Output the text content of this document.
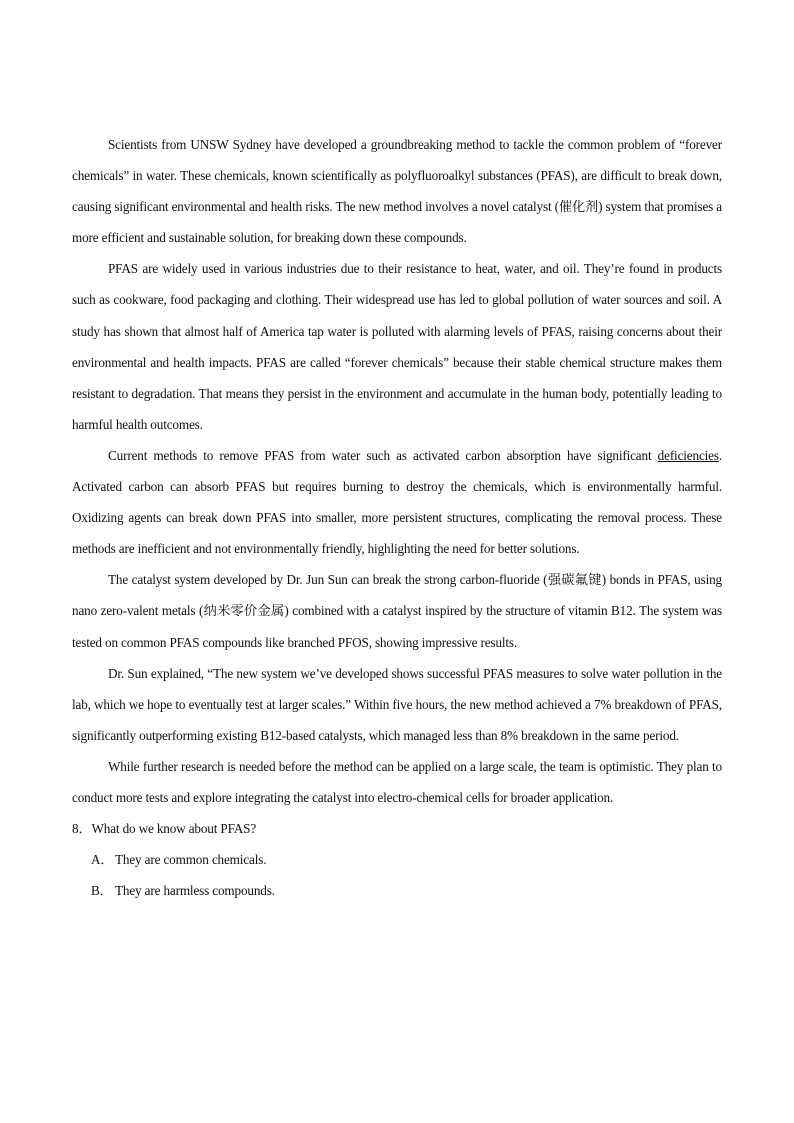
Scientists from UNSW Sydney have developed a groundbreaking method to tackle the common problem of “forever chemicals” in water. These chemicals, known scientifically as polyfluoroalkyl substances (PFAS), are difficult to break down, causing significant environmental and health risks. The new method involves a novel catalyst (催化剂) system that promises a more efficient and sustainable solution, for breaking down these compounds.

PFAS are widely used in various industries due to their resistance to heat, water, and oil. They’re found in products such as cookware, food packaging and clothing. Their widespread use has led to global pollution of water sources and soil. A study has shown that almost half of America tap water is polluted with alarming levels of PFAS, raising concerns about their environmental and health impacts. PFAS are called “forever chemicals” because their stable chemical structure makes them resistant to degradation. That means they persist in the environment and accumulate in the human body, potentially leading to harmful health outcomes.

Current methods to remove PFAS from water such as activated carbon absorption have significant deficiencies. Activated carbon can absorb PFAS but requires burning to destroy the chemicals, which is environmentally harmful. Oxidizing agents can break down PFAS into smaller, more persistent structures, complicating the removal process. These methods are inefficient and not environmentally friendly, highlighting the need for better solutions.

The catalyst system developed by Dr. Jun Sun can break the strong carbon-fluoride (强碳氟键) bonds in PFAS, using nano zero-valent metals (纳米零价金属) combined with a catalyst inspired by the structure of vitamin B12. The system was tested on common PFAS compounds like branched PFOS, showing impressive results.

Dr. Sun explained, “The new system we’ve developed shows successful PFAS measures to solve water pollution in the lab, which we hope to eventually test at larger scales.” Within five hours, the new method achieved a 7% breakdown of PFAS, significantly outperforming existing B12-based catalysts, which managed less than 8% breakdown in the same period.

While further research is needed before the method can be applied on a large scale, the team is optimistic. They plan to conduct more tests and explore integrating the catalyst into electro-chemical cells for broader application.

8．What do we know about PFAS?

A． They are common chemicals.

B． They are harmless compounds.
